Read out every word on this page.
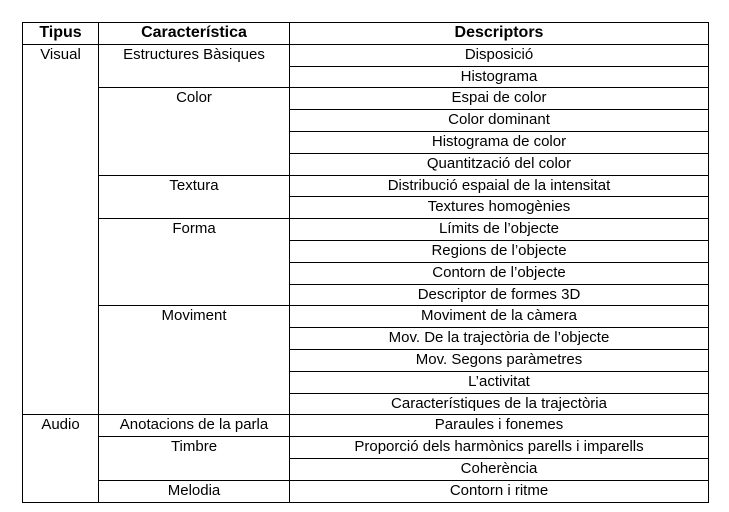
Tipus	Característica	Descriptors
Visual	Estructures Bàsiques	Disposició
		Histograma
	Color	Espai de color
		Color dominant
		Histograma de color
		Quantització del color
	Textura	Distribució espaial de la intensitat
		Textures homogènies
	Forma	Límits de l’objecte
		Regions de l’objecte
		Contorn de l’objecte
		Descriptor de formes 3D
	Moviment	Moviment de la càmera
		Mov. De la trajectòria de l’objecte
		Mov. Segons paràmetres
		L’activitat
		Característiques de la trajectòria
Audio	Anotacions de la parla	Paraules i fonemes
	Timbre	Proporció dels harmònics parells i imparells
		Coherència
	Melodia	Contorn i ritme
